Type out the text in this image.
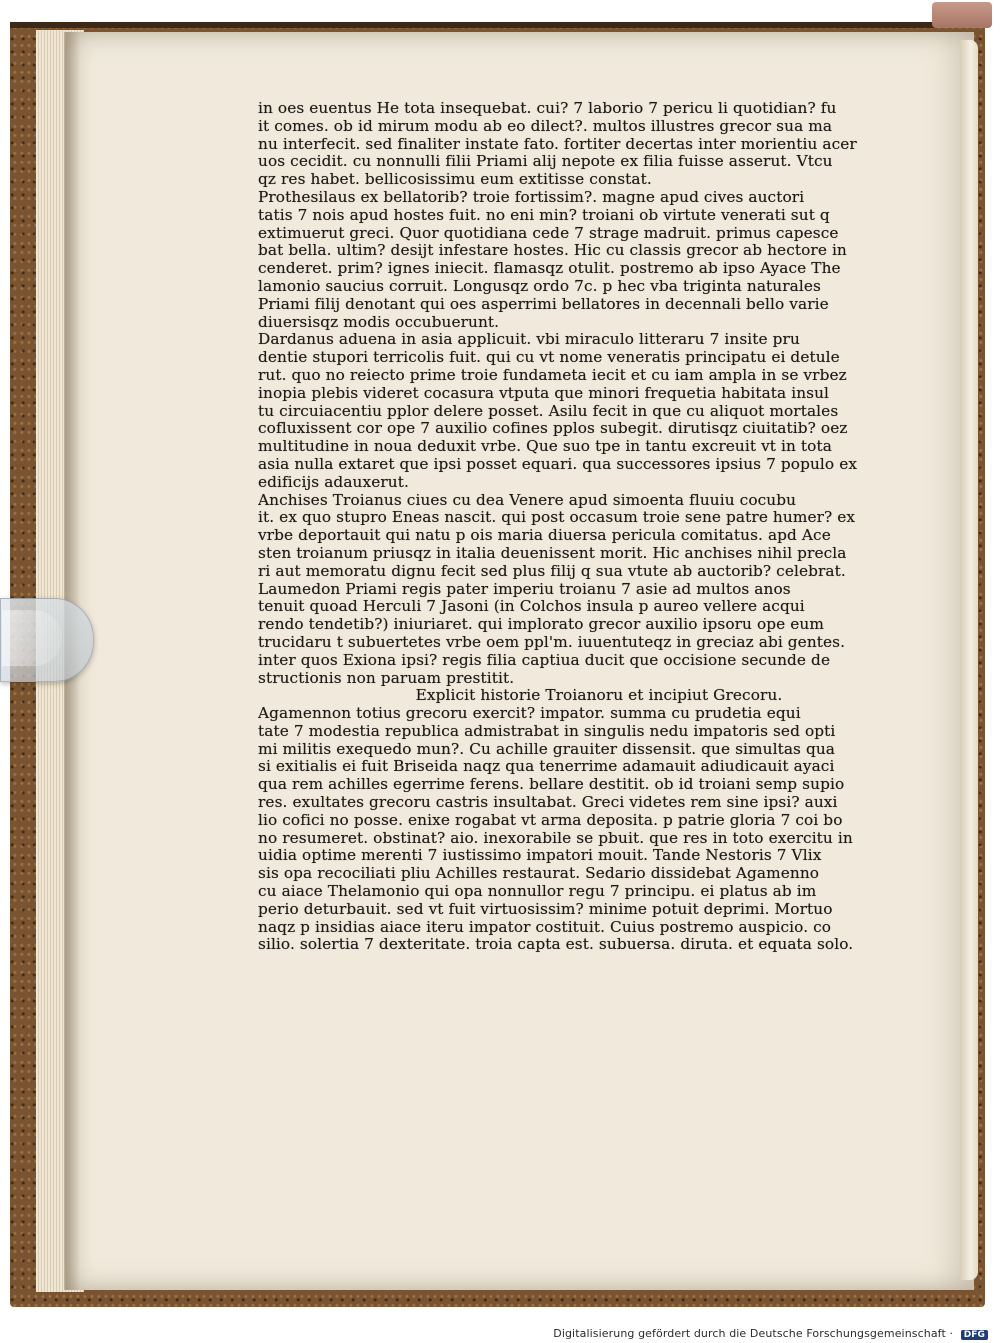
in oes euentus He tota insequebat. cui? 7 laborio 7 pericu li quotidian? fu
it comes. ob id mirum modu ab eo dilect?. multos illustres grecor sua ma
nu interfecit. sed finaliter instate fato. fortiter decertas inter morientiu acer
uos cecidit. cu nonnulli filii Priami alij nepote ex filia fuisse asserut. Vtcu
qz res habet. bellicosissimu eum extitisse constat.
Prothesilaus ex bellatorib? troie fortissim?. magne apud cives auctori
tatis 7 nois apud hostes fuit. no eni min? troiani ob virtute venerati sut q
extimuerut greci. Quor quotidiana cede 7 strage madruit. primus capesce
bat bella. ultim? desijt infestare hostes. Hic cu classis grecor ab hectore in
cenderet. prim? ignes iniecit. flamasqz otulit. postremo ab ipso Ayace The
lamonio saucius corruit. Longusqz ordo 7c. p hec vba triginta naturales
Priami filij denotant qui oes asperrimi bellatores in decennali bello varie
diuersisqz modis occubuerunt.
Dardanus aduena in asia applicuit. vbi miraculo litteraru 7 insite pru
dentie stupori terricolis fuit. qui cu vt nome veneratis principatu ei detule
rut. quo no reiecto prime troie fundameta iecit et cu iam ampla in se vrbez
inopia plebis videret cocasura vtputa que minori frequetia habitata insul
tu circuiacentiu pplor delere posset. Asilu fecit in que cu aliquot mortales
cofluxissent cor ope 7 auxilio cofines pplos subegit. dirutisqz ciuitatib? oez
multitudine in noua deduxit vrbe. Que suo tpe in tantu excreuit vt in tota
asia nulla extaret que ipsi posset equari. qua successores ipsius 7 populo ex
edificijs adauxerut.
Anchises Troianus ciues cu dea Venere apud simoenta fluuiu cocubu
it. ex quo stupro Eneas nascit. qui post occasum troie sene patre humer? ex
vrbe deportauit qui natu p ois maria diuersa pericula comitatus. apd Ace
sten troianum priusqz in italia deuenissent morit. Hic anchises nihil precla
ri aut memoratu dignu fecit sed plus filij q sua vtute ab auctorib? celebrat.
Laumedon Priami regis pater imperiu troianu 7 asie ad multos anos
tenuit quoad Herculi 7 Jasoni (in Colchos insula p aureo vellere acqui
rendo tendetib?) iniuriaret. qui implorato grecor auxilio ipsoru ope eum
trucidaru t subuertetes vrbe oem ppl'm. iuuentuteqz in greciaz abi gentes.
inter quos Exiona ipsi? regis filia captiua ducit que occisione secunde de
structionis non paruam prestitit.
Explicit historie Troianoru et incipiut Grecoru.
Agamennon totius grecoru exercit? impator. summa cu prudetia equi
tate 7 modestia republica admistrabat in singulis nedu impatoris sed opti
mi militis exequedo mun?. Cu achille grauiter dissensit. que simultas qua
si exitialis ei fuit Briseida naqz qua tenerrime adamauit adiudicauit ayaci
qua rem achilles egerrime ferens. bellare destitit. ob id troiani semp supio
res. exultates grecoru castris insultabat. Greci videtes rem sine ipsi? auxi
lio cofici no posse. enixe rogabat vt arma deposita. p patrie gloria 7 coi bo
no resumeret. obstinat? aio. inexorabile se pbuit. que res in toto exercitu in
uidia optime merenti 7 iustissimo impatori mouit. Tande Nestoris 7 Vlix
sis opa recociliati pliu Achilles restaurat. Sedario dissidebat Agamenno
cu aiace Thelamonio qui opa nonnullor regu 7 principu. ei platus ab im
perio deturbauit. sed vt fuit virtuosissim? minime potuit deprimi. Mortuo
naqz p insidias aiace iteru impator costituit. Cuius postremo auspicio. co
silio. solertia 7 dexteritate. troia capta est. subuersa. diruta. et equata solo.
Digitalisierung gefördert durch die Deutsche Forschungsgemeinschaft · DFG
